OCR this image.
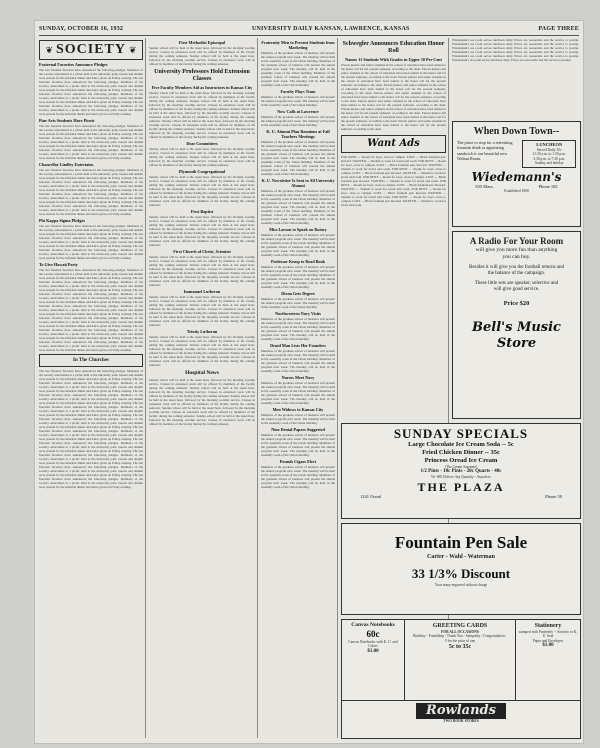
SUNDAY, OCTOBER 16, 1932	UNIVERSITY DAILY KANSAN, LAWRENCE, KANSAS	PAGE THREE
❦ SOCIETY ❦
Fraternal Favorites Announce Pledges
The last fraternal favorites have announced the following pledges. Members of the sorority entertained at a picnic held at the university park. Guests and alumni were present for the informal dinner and dance given on Friday evening. The last fraternal favorites have announced the following pledges. Members of the sorority entertained at a picnic held at the university park. Guests and alumni were present for the informal dinner and dance given on Friday evening. The last fraternal favorites have announced the following pledges. Members of the sorority entertained at a picnic held at the university park. Guests and alumni were present for the informal dinner and dance given on Friday evening. The last fraternal favorites have announced the following pledges. Members of the sorority entertained at a picnic held at the university park. Guests and alumni were present for the informal dinner and dance given on Friday evening.
Pine Arts Students Have Picnic
The last fraternal favorites have announced the following pledges. Members of the sorority entertained at a picnic held at the university park. Guests and alumni were present for the informal dinner and dance given on Friday evening. The last fraternal favorites have announced the following pledges. Members of the sorority entertained at a picnic held at the university park. Guests and alumni were present for the informal dinner and dance given on Friday evening. The last fraternal favorites have announced the following pledges. Members of the sorority entertained at a picnic held at the university park. Guests and alumni were present for the informal dinner and dance given on Friday evening.
Chancellor Lindley Entertains
The last fraternal favorites have announced the following pledges. Members of the sorority entertained at a picnic held at the university park. Guests and alumni were present for the informal dinner and dance given on Friday evening. The last fraternal favorites have announced the following pledges. Members of the sorority entertained at a picnic held at the university park. Guests and alumni were present for the informal dinner and dance given on Friday evening. The last fraternal favorites have announced the following pledges. Members of the sorority entertained at a picnic held at the university park. Guests and alumni were present for the informal dinner and dance given on Friday evening. The last fraternal favorites have announced the following pledges. Members of the sorority entertained at a picnic held at the university park. Guests and alumni were present for the informal dinner and dance given on Friday evening.
Phi Kappa Sigma Pledges
The last fraternal favorites have announced the following pledges. Members of the sorority entertained at a picnic held at the university park. Guests and alumni were present for the informal dinner and dance given on Friday evening. The last fraternal favorites have announced the following pledges. Members of the sorority entertained at a picnic held at the university park. Guests and alumni were present for the informal dinner and dance given on Friday evening. The last fraternal favorites have announced the following pledges. Members of the sorority entertained at a picnic held at the university park. Guests and alumni were present for the informal dinner and dance given on Friday evening.
To Give Hawaii Party
The last fraternal favorites have announced the following pledges. Members of the sorority entertained at a picnic held at the university park. Guests and alumni were present for the informal dinner and dance given on Friday evening. The last fraternal favorites have announced the following pledges. Members of the sorority entertained at a picnic held at the university park. Guests and alumni were present for the informal dinner and dance given on Friday evening. The last fraternal favorites have announced the following pledges. Members of the sorority entertained at a picnic held at the university park. Guests and alumni were present for the informal dinner and dance given on Friday evening. The last fraternal favorites have announced the following pledges. Members of the sorority entertained at a picnic held at the university park. Guests and alumni were present for the informal dinner and dance given on Friday evening. The last fraternal favorites have announced the following pledges. Members of the sorority entertained at a picnic held at the university park. Guests and alumni were present for the informal dinner and dance given on Friday evening. The last fraternal favorites have announced the following pledges. Members of the sorority entertained at a picnic held at the university park. Guests and alumni were present for the informal dinner and dance given on Friday evening. The last fraternal favorites have announced the following pledges. Members of the sorority entertained at a picnic held at the university park. Guests and alumni were present for the informal dinner and dance given on Friday evening.
In The Churches
The last fraternal favorites have announced the following pledges. Members of the sorority entertained at a picnic held at the university park. Guests and alumni were present for the informal dinner and dance given on Friday evening. The last fraternal favorites have announced the following pledges. Members of the sorority entertained at a picnic held at the university park. Guests and alumni were present for the informal dinner and dance given on Friday evening. The last fraternal favorites have announced the following pledges. Members of the sorority entertained at a picnic held at the university park. Guests and alumni were present for the informal dinner and dance given on Friday evening. The last fraternal favorites have announced the following pledges. Members of the sorority entertained at a picnic held at the university park. Guests and alumni were present for the informal dinner and dance given on Friday evening. The last fraternal favorites have announced the following pledges. Members of the sorority entertained at a picnic held at the university park. Guests and alumni were present for the informal dinner and dance given on Friday evening. The last fraternal favorites have announced the following pledges. Members of the sorority entertained at a picnic held at the university park. Guests and alumni were present for the informal dinner and dance given on Friday evening. The last fraternal favorites have announced the following pledges. Members of the sorority entertained at a picnic held at the university park. Guests and alumni were present for the informal dinner and dance given on Friday evening. The last fraternal favorites have announced the following pledges. Members of the sorority entertained at a picnic held at the university park. Guests and alumni were present for the informal dinner and dance given on Friday evening. The last fraternal favorites have announced the following pledges. Members of the sorority entertained at a picnic held at the university park. Guests and alumni were present for the informal dinner and dance given on Friday evening. The last fraternal favorites have announced the following pledges. Members of the sorority entertained at a picnic held at the university park. Guests and alumni were present for the informal dinner and dance given on Friday evening.
First Methodist Episcopal
Sunday school will be held at the usual hour, followed by the morning worship service. Classes in extension work will be offered by members of the faculty during the coming semester. Sunday school will be held at the usual hour, followed by the morning worship service. Classes in extension work will be offered by members of the faculty during the coming semester.
University Professors Hold Extension Classes
Five Faculty Members Aid as Instructors in Kansas City
Sunday school will be held at the usual hour, followed by the morning worship service. Classes in extension work will be offered by members of the faculty during the coming semester. Sunday school will be held at the usual hour, followed by the morning worship service. Classes in extension work will be offered by members of the faculty during the coming semester. Sunday school will be held at the usual hour, followed by the morning worship service. Classes in extension work will be offered by members of the faculty during the coming semester. Sunday school will be held at the usual hour, followed by the morning worship service. Classes in extension work will be offered by members of the faculty during the coming semester. Sunday school will be held at the usual hour, followed by the morning worship service. Classes in extension work will be offered by members of the faculty during the coming semester.
Dear Committees
Sunday school will be held at the usual hour, followed by the morning worship service. Classes in extension work will be offered by members of the faculty during the coming semester. Sunday school will be held at the usual hour, followed by the morning worship service. Classes in extension work will be offered by members of the faculty during the coming semester.
Plymouth Congregational
Sunday school will be held at the usual hour, followed by the morning worship service. Classes in extension work will be offered by members of the faculty during the coming semester. Sunday school will be held at the usual hour, followed by the morning worship service. Classes in extension work will be offered by members of the faculty during the coming semester. Sunday school will be held at the usual hour, followed by the morning worship service. Classes in extension work will be offered by members of the faculty during the coming semester.
First Baptist
Sunday school will be held at the usual hour, followed by the morning worship service. Classes in extension work will be offered by members of the faculty during the coming semester. Sunday school will be held at the usual hour, followed by the morning worship service. Classes in extension work will be offered by members of the faculty during the coming semester. Sunday school will be held at the usual hour, followed by the morning worship service. Classes in extension work will be offered by members of the faculty during the coming semester.
First Church of Christ, Scientist
Sunday school will be held at the usual hour, followed by the morning worship service. Classes in extension work will be offered by members of the faculty during the coming semester. Sunday school will be held at the usual hour, followed by the morning worship service. Classes in extension work will be offered by members of the faculty during the coming semester. Sunday school will be held at the usual hour, followed by the morning worship service. Classes in extension work will be offered by members of the faculty during the coming semester.
Immanuel Lutheran
Sunday school will be held at the usual hour, followed by the morning worship service. Classes in extension work will be offered by members of the faculty during the coming semester. Sunday school will be held at the usual hour, followed by the morning worship service. Classes in extension work will be offered by members of the faculty during the coming semester. Sunday school will be held at the usual hour, followed by the morning worship service. Classes in extension work will be offered by members of the faculty during the coming semester.
Trinity Lutheran
Sunday school will be held at the usual hour, followed by the morning worship service. Classes in extension work will be offered by members of the faculty during the coming semester. Sunday school will be held at the usual hour, followed by the morning worship service. Classes in extension work will be offered by members of the faculty during the coming semester. Sunday school will be held at the usual hour, followed by the morning worship service. Classes in extension work will be offered by members of the faculty during the coming semester.
Hospital News
Sunday school will be held at the usual hour, followed by the morning worship service. Classes in extension work will be offered by members of the faculty during the coming semester. Sunday school will be held at the usual hour, followed by the morning worship service. Classes in extension work will be offered by members of the faculty during the coming semester. Sunday school will be held at the usual hour, followed by the morning worship service. Classes in extension work will be offered by members of the faculty during the coming semester. Sunday school will be held at the usual hour, followed by the morning worship service. Classes in extension work will be offered by members of the faculty during the coming semester. Sunday school will be held at the usual hour, followed by the morning worship service. Classes in extension work will be offered by members of the faculty during the coming semester.
Fraternity Men to Present Students from Marketing
Members of the graduate school of business will present the annual program next week. The meeting will be held in the assembly room of the Union building. Members of the graduate school of business will present the annual program next week. The meeting will be held in the assembly room of the Union building. Members of the graduate school of business will present the annual program next week. The meeting will be held in the assembly room of the Union building.
Faculty Plays Team
Members of the graduate school of business will present the annual program next week. The meeting will be held in the assembly room of the Union building.
Now Calls at Lawrence
Members of the graduate school of business will present the annual program next week. The meeting will be held in the assembly room of the Union building.
K. U. Alumni Plan Reunions at Fall Teachers Meetings
Members of the graduate school of business will present the annual program next week. The meeting will be held in the assembly room of the Union building. Members of the graduate school of business will present the annual program next week. The meeting will be held in the assembly room of the Union building. Members of the graduate school of business will present the annual program next week. The meeting will be held in the assembly room of the Union building.
K. U. Newsletter Is Sent to All University Alumni
Members of the graduate school of business will present the annual program next week. The meeting will be held in the assembly room of the Union building. Members of the graduate school of business will present the annual program next week. The meeting will be held in the assembly room of the Union building. Members of the graduate school of business will present the annual program next week. The meeting will be held in the assembly room of the Union building.
Miss Larson to Speak on Rotary
Members of the graduate school of business will present the annual program next week. The meeting will be held in the assembly room of the Union building. Members of the graduate school of business will present the annual program next week. The meeting will be held in the assembly room of the Union building.
Professor Kemp to Read Book
Members of the graduate school of business will present the annual program next week. The meeting will be held in the assembly room of the Union building. Members of the graduate school of business will present the annual program next week. The meeting will be held in the assembly room of the Union building.
Dixon Gets Degree
Members of the graduate school of business will present the annual program next week. The meeting will be held in the assembly room of the Union building.
Northwestern Navy Visits
Members of the graduate school of business will present the annual program next week. The meeting will be held in the assembly room of the Union building. Members of the graduate school of business will present the annual program next week. The meeting will be held in the assembly room of the Union building.
Druid Man Lists Her Founders
Members of the graduate school of business will present the annual program next week. The meeting will be held in the assembly room of the Union building. Members of the graduate school of business will present the annual program next week. The meeting will be held in the assembly room of the Union building.
Nurses Meet Navy
Members of the graduate school of business will present the annual program next week. The meeting will be held in the assembly room of the Union building. Members of the graduate school of business will present the annual program next week. The meeting will be held in the assembly room of the Union building.
Men Widows to Kansas City
Members of the graduate school of business will present the annual program next week. The meeting will be held in the assembly room of the Union building.
Nine Dental Papers Suggested
Members of the graduate school of business will present the annual program next week. The meeting will be held in the assembly room of the Union building. Members of the graduate school of business will present the annual program next week. The meeting will be held in the assembly room of the Union building.
Pounds Cigars Elect
Members of the graduate school of business will present the annual program next week. The meeting will be held in the assembly room of the Union building. Members of the graduate school of business will present the annual program next week. The meeting will be held in the assembly room of the Union building.
Schwegler Announces Education Honor Roll
Names 11 Students With Grades in Upper 10 Per Cent
Eleven juniors and senior students in the school of education have been named to the honor roll for the present semester, according to the dean. Eleven juniors and senior students in the school of education have been named to the honor roll for the present semester, according to the dean. Eleven juniors and senior students in the school of education have been named to the honor roll for the present semester, according to the dean. Eleven juniors and senior students in the school of education have been named to the honor roll for the present semester, according to the dean. Eleven juniors and senior students in the school of education have been named to the honor roll for the present semester, according to the dean. Eleven juniors and senior students in the school of education have been named to the honor roll for the present semester, according to the dean. Eleven juniors and senior students in the school of education have been named to the honor roll for the present semester, according to the dean. Eleven juniors and senior students in the school of education have been named to the honor roll for the present semester, according to the dean. Eleven juniors and senior students in the school of education have been named to the honor roll for the present semester, according to the dean.
Want Ads
FOR RENT — Room for boys, close to campus. LOST — Black fountain pen. Reward. WANTED — Student to work for board and room. FOR RENT — Room for boys, close to campus. LOST — Black fountain pen. Reward. WANTED — Student to work for board and room. FOR RENT — Room for boys, close to campus. LOST — Black fountain pen. Reward. WANTED — Student to work for board and room. FOR RENT — Room for boys, close to campus. LOST — Black fountain pen. Reward. WANTED — Student to work for board and room. FOR RENT — Room for boys, close to campus. LOST — Black fountain pen. Reward. WANTED — Student to work for board and room. FOR RENT — Room for boys, close to campus. LOST — Black fountain pen. Reward. WANTED — Student to work for board and room. FOR RENT — Room for boys, close to campus. LOST — Black fountain pen. Reward. WANTED — Student to work for board and room.
Wiedemann's tea room serves luncheon daily. Prices are reasonable and the service is prompt. Wiedemann's tea room serves luncheon daily. Prices are reasonable and the service is prompt. Wiedemann's tea room serves luncheon daily. Prices are reasonable and the service is prompt. Wiedemann's tea room serves luncheon daily. Prices are reasonable and the service is prompt. Wiedemann's tea room serves luncheon daily. Prices are reasonable and the service is prompt. Wiedemann's tea room serves luncheon daily. Prices are reasonable and the service is prompt.
When Down Town--
The place to stop for a refreshing fountain drink or appetizing sandwich is our beautiful new Walnut Room.
LUNCHEON
Served Daily 35c
11:30 a.m. to 1:30 p.m.
5:30 p.m. to 7:30 p.m.
Sunday and holiday
Wiedemann's
835 Mass.	Phone 182
Established 1868
A Radio For Your Room
will give you more fun than anything
you can buy.
Besides it will give you the football returns and
the balance of the campaign.
These little sets are speaker, selective and
will give good service.
Price $20
Bell's Music Store
SUNDAY SPECIALS
Large Chocolate Ice Cream Soda -- 5c
Fried Chicken Dinner -- 35c
Princess Oread Ice Cream
(The Cream Supreme)
1/2 Pints - 10c Pints - 20c Quarts - 40c
We Will Deliver Any Quantity - Anywhere
THE PLAZA
1241 Oread	Phone 50
Fountain Pen Sale
Carter - Wahl - Waterman
33 1/3% Discount
Your many engraved without charge
Canvas Notebooks
60c
Canvas Notebooks with K. U. and Colors
$1.00
GREETING CARDS
FOR ALL OCCASIONS
Birthday - Friendship - Thank You - Sympathy - Congratulation -
5 for the price of one
5c to 35c
Stationery
stamped with Fraternity -- Sorority or K. U. Seal
Paper and Envelopes
$1.00
Rowlands
TWO BOOK STORES
